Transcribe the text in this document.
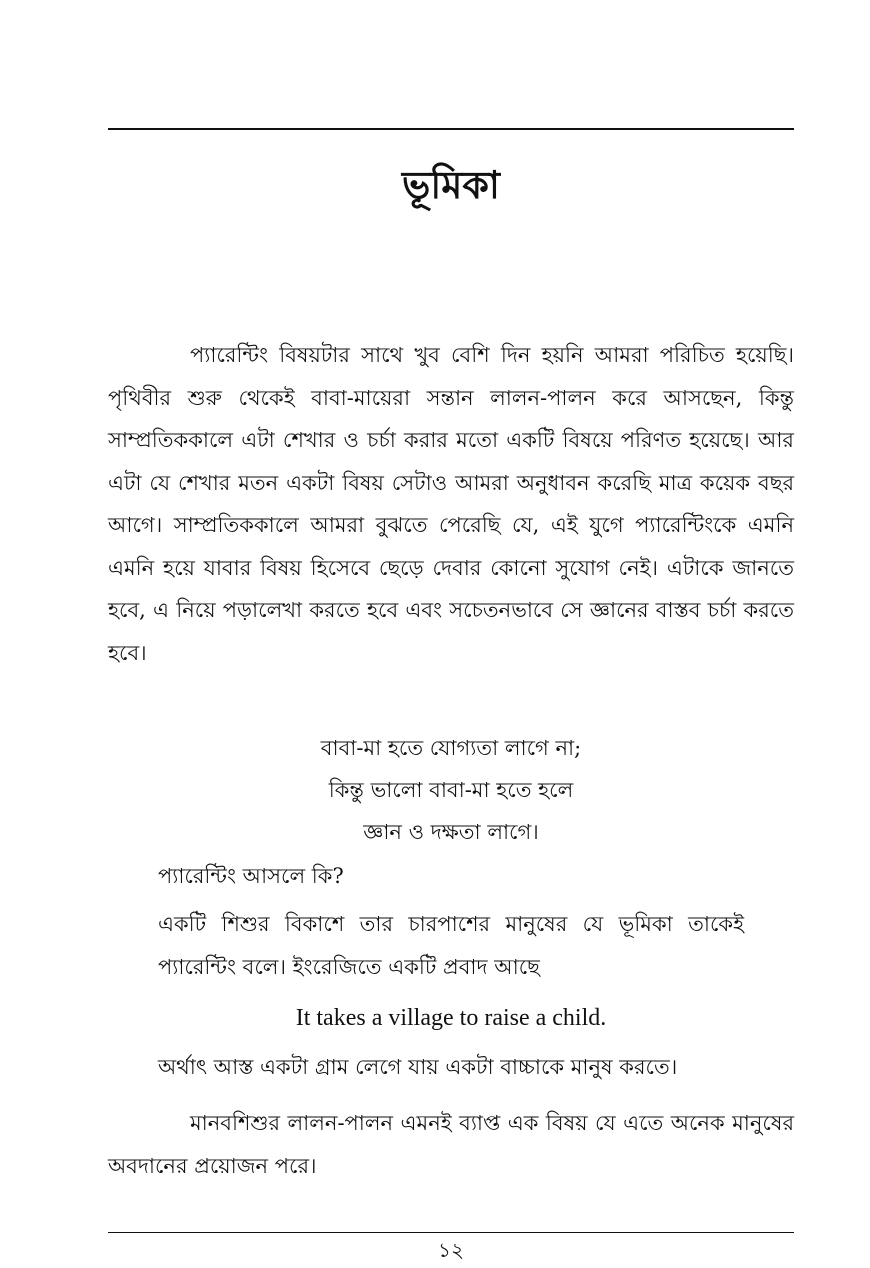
ভূমিকা

প্যারেন্টিং বিষয়টার সাথে খুব বেশি দিন হয়নি আমরা পরিচিত হয়েছি। পৃথিবীর শুরু থেকেই বাবা-মায়েরা সন্তান লালন-পালন করে আসছেন, কিন্তু সাম্প্রতিককালে এটা শেখার ও চর্চা করার মতো একটি বিষয়ে পরিণত হয়েছে। আর এটা যে শেখার মতন একটা বিষয় সেটাও আমরা অনুধাবন করেছি মাত্র কয়েক বছর আগে। সাম্প্রতিককালে আমরা বুঝতে পেরেছি যে, এই যুগে প্যারেন্টিংকে এমনি এমনি হয়ে যাবার বিষয় হিসেবে ছেড়ে দেবার কোনো সুযোগ নেই। এটাকে জানতে হবে, এ নিয়ে পড়ালেখা করতে হবে এবং সচেতনভাবে সে জ্ঞানের বাস্তব চর্চা করতে হবে।

বাবা-মা হতে যোগ্যতা লাগে না;
কিন্তু ভালো বাবা-মা হতে হলে
জ্ঞান ও দক্ষতা লাগে।

প্যারেন্টিং আসলে কি?

একটি শিশুর বিকাশে তার চারপাশের মানুষের যে ভূমিকা তাকেই প্যারেন্টিং বলে। ইংরেজিতে একটি প্রবাদ আছে

It takes a village to raise a child.

অর্থাৎ আস্ত একটা গ্রাম লেগে যায় একটা বাচ্চাকে মানুষ করতে।

মানবশিশুর লালন-পালন এমনই ব্যাপ্ত এক বিষয় যে এতে অনেক মানুষের অবদানের প্রয়োজন পরে।

১২
